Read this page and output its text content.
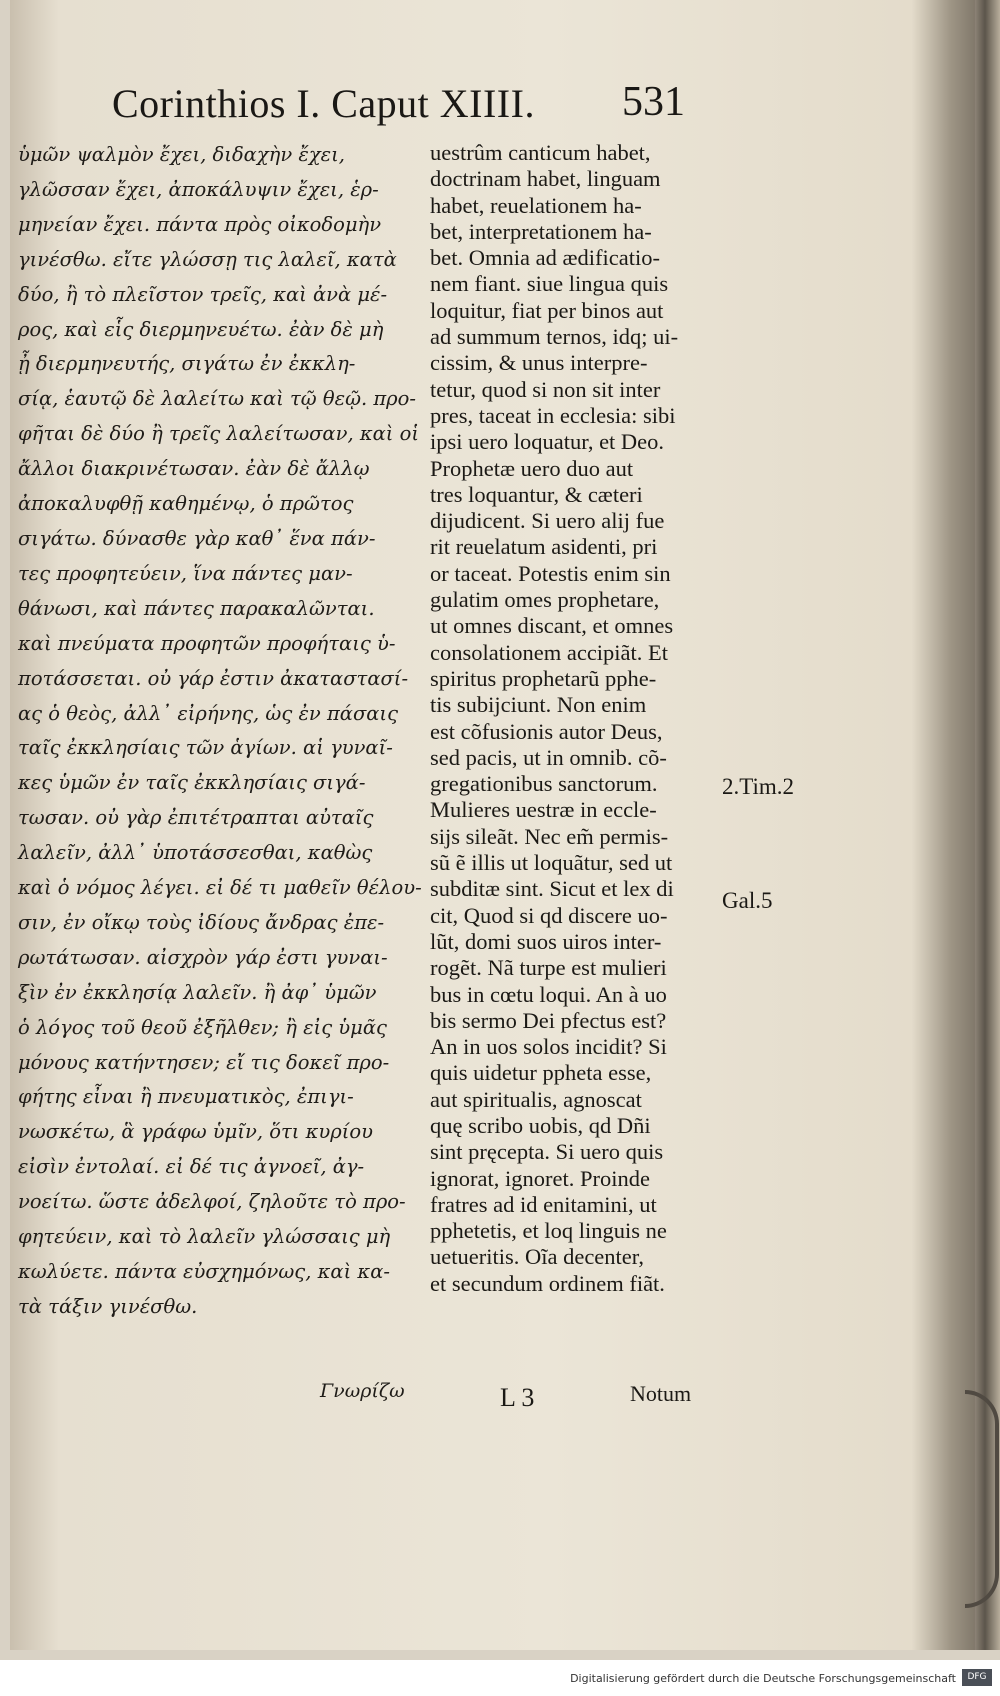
Corinthios I. Caput XIIII. 531
ὑμῶν ψαλμὸν ἔχει, διδαχὴν ἔχει,
γλῶσσαν ἔχει, ἀποκάλυψιν ἔχει, ἑρ-
μηνείαν ἔχει. πάντα πρὸς οἰκοδομὴν
γινέσθω. εἴτε γλώσσῃ τις λαλεῖ, κατὰ
δύο, ἢ τὸ πλεῖστον τρεῖς, καὶ ἀνὰ μέ-
ρος, καὶ εἷς διερμηνευέτω. ἐὰν δὲ μὴ
ᾖ διερμηνευτής, σιγάτω ἐν ἐκκλη-
σίᾳ, ἑαυτῷ δὲ λαλείτω καὶ τῷ θεῷ. προ-
φῆται δὲ δύο ἢ τρεῖς λαλείτωσαν, καὶ οἱ
ἄλλοι διακρινέτωσαν. ἐὰν δὲ ἄλλῳ
ἀποκαλυφθῇ καθημένῳ, ὁ πρῶτος
σιγάτω. δύνασθε γὰρ καθ᾽ ἕνα πάν-
τες προφητεύειν, ἵνα πάντες μαν-
θάνωσι, καὶ πάντες παρακαλῶνται.
καὶ πνεύματα προφητῶν προφήταις ὑ-
ποτάσσεται. οὐ γάρ ἐστιν ἀκαταστασί-
ας ὁ θεὸς, ἀλλ᾽ εἰρήνης, ὡς ἐν πάσαις
ταῖς ἐκκλησίαις τῶν ἁγίων. αἱ γυναῖ-
κες ὑμῶν ἐν ταῖς ἐκκλησίαις σιγά-
τωσαν. οὐ γὰρ ἐπιτέτραπται αὐταῖς
λαλεῖν, ἀλλ᾽ ὑποτάσσεσθαι, καθὼς
καὶ ὁ νόμος λέγει. εἰ δέ τι μαθεῖν θέλου-
σιν, ἐν οἴκῳ τοὺς ἰδίους ἄνδρας ἐπε-
ρωτάτωσαν. αἰσχρὸν γάρ ἐστι γυναι-
ξὶν ἐν ἐκκλησίᾳ λαλεῖν. ἢ ἀφ᾽ ὑμῶν
ὁ λόγος τοῦ θεοῦ ἐξῆλθεν; ἢ εἰς ὑμᾶς
μόνους κατήντησεν; εἴ τις δοκεῖ προ-
φήτης εἶναι ἢ πνευματικὸς, ἐπιγι-
νωσκέτω, ἃ γράφω ὑμῖν, ὅτι κυρίου
εἰσὶν ἐντολαί. εἰ δέ τις ἀγνοεῖ, ἀγ-
νοείτω. ὥστε ἀδελφοί, ζηλοῦτε τὸ προ-
φητεύειν, καὶ τὸ λαλεῖν γλώσσαις μὴ
κωλύετε. πάντα εὐσχημόνως, καὶ κα-
τὰ τάξιν γινέσθω.
uestrûm canticum habet,
doctrinam habet, linguam
habet, reuelationem ha-
bet, interpretationem ha-
bet. Omnia ad ædificatio-
nem fiant. siue lingua quis
loquitur, fiat per binos aut
ad summum ternos, idq; ui-
cissim, & unus interpre-
tetur, quod si non sit inter
pres, taceat in ecclesia: sibi
ipsi uero loquatur, et Deo.
Prophetæ uero duo aut
tres loquantur, & cæteri
dijudicent. Si uero alij fue
rit reuelatum asidenti, pri
or taceat. Potestis enim sin
gulatim omes prophetare,
ut omnes discant, et omnes
consolationem accipiãt. Et
spiritus prophetarũ pphe-
tis subijciunt. Non enim
est cõfusionis autor Deus,
sed pacis, ut in omnib. cõ-
gregationibus sanctorum.
Mulieres uestræ in eccle-
sijs sileãt. Nec em̃ permis-
sũ ẽ illis ut loquãtur, sed ut
subditæ sint. Sicut et lex di
cit, Quod si qd discere uo-
lũt, domi suos uiros inter-
rogẽt. Nã turpe est mulieri
bus in cœtu loqui. An à uo
bis sermo Dei pfectus est?
An in uos solos incidit? Si
quis uidetur ppheta esse,
aut spiritualis, agnoscat
quę scribo uobis, qd Dñi
sint pręcepta. Si uero quis
ignorat, ignoret. Proinde
fratres ad id enitamini, ut
pphetetis, et loq linguis ne
uetueritis. Oĩa decenter,
et secundum ordinem fiãt.
2.Tim.2
Gal.5
Γνωρίζω	L 3	Notum
Digitalisierung gefördert durch die Deutsche Forschungsgemeinschaft	DFG
